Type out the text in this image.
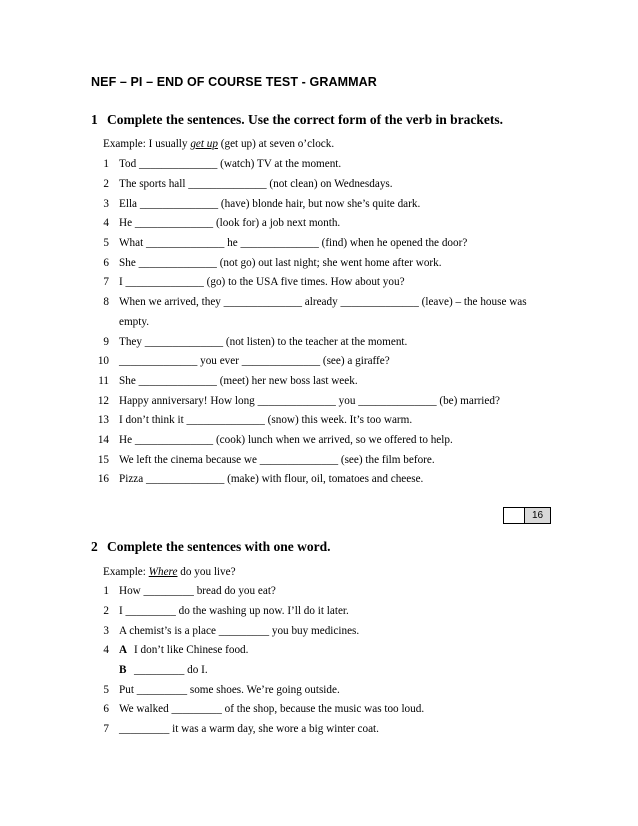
NEF – PI – END OF COURSE TEST - GRAMMAR
1 Complete the sentences. Use the correct form of the verb in brackets.
Example: I usually get up (get up) at seven o’clock.
1 Tod ______________ (watch) TV at the moment.
2 The sports hall ______________ (not clean) on Wednesdays.
3 Ella ______________ (have) blonde hair, but now she’s quite dark.
4 He ______________ (look for) a job next month.
5 What ______________ he ______________ (find) when he opened the door?
6 She ______________ (not go) out last night; she went home after work.
7 I ______________ (go) to the USA five times. How about you?
8 When we arrived, they ______________ already ______________ (leave) – the house was
empty.
9 They ______________ (not listen) to the teacher at the moment.
10 ______________ you ever ______________ (see) a giraffe?
11 She ______________ (meet) her new boss last week.
12 Happy anniversary! How long ______________ you ______________ (be) married?
13 I don’t think it ______________ (snow) this week. It’s too warm.
14 He ______________ (cook) lunch when we arrived, so we offered to help.
15 We left the cinema because we ______________ (see) the film before.
16 Pizza ______________ (make) with flour, oil, tomatoes and cheese.
16
2 Complete the sentences with one word.
Example: Where do you live?
1 How _________ bread do you eat?
2 I _________ do the washing up now. I’ll do it later.
3 A chemist’s is a place _________ you buy medicines.
4 A I don’t like Chinese food.
B _________ do I.
5 Put _________ some shoes. We’re going outside.
6 We walked _________ of the shop, because the music was too loud.
7 _________ it was a warm day, she wore a big winter coat.
